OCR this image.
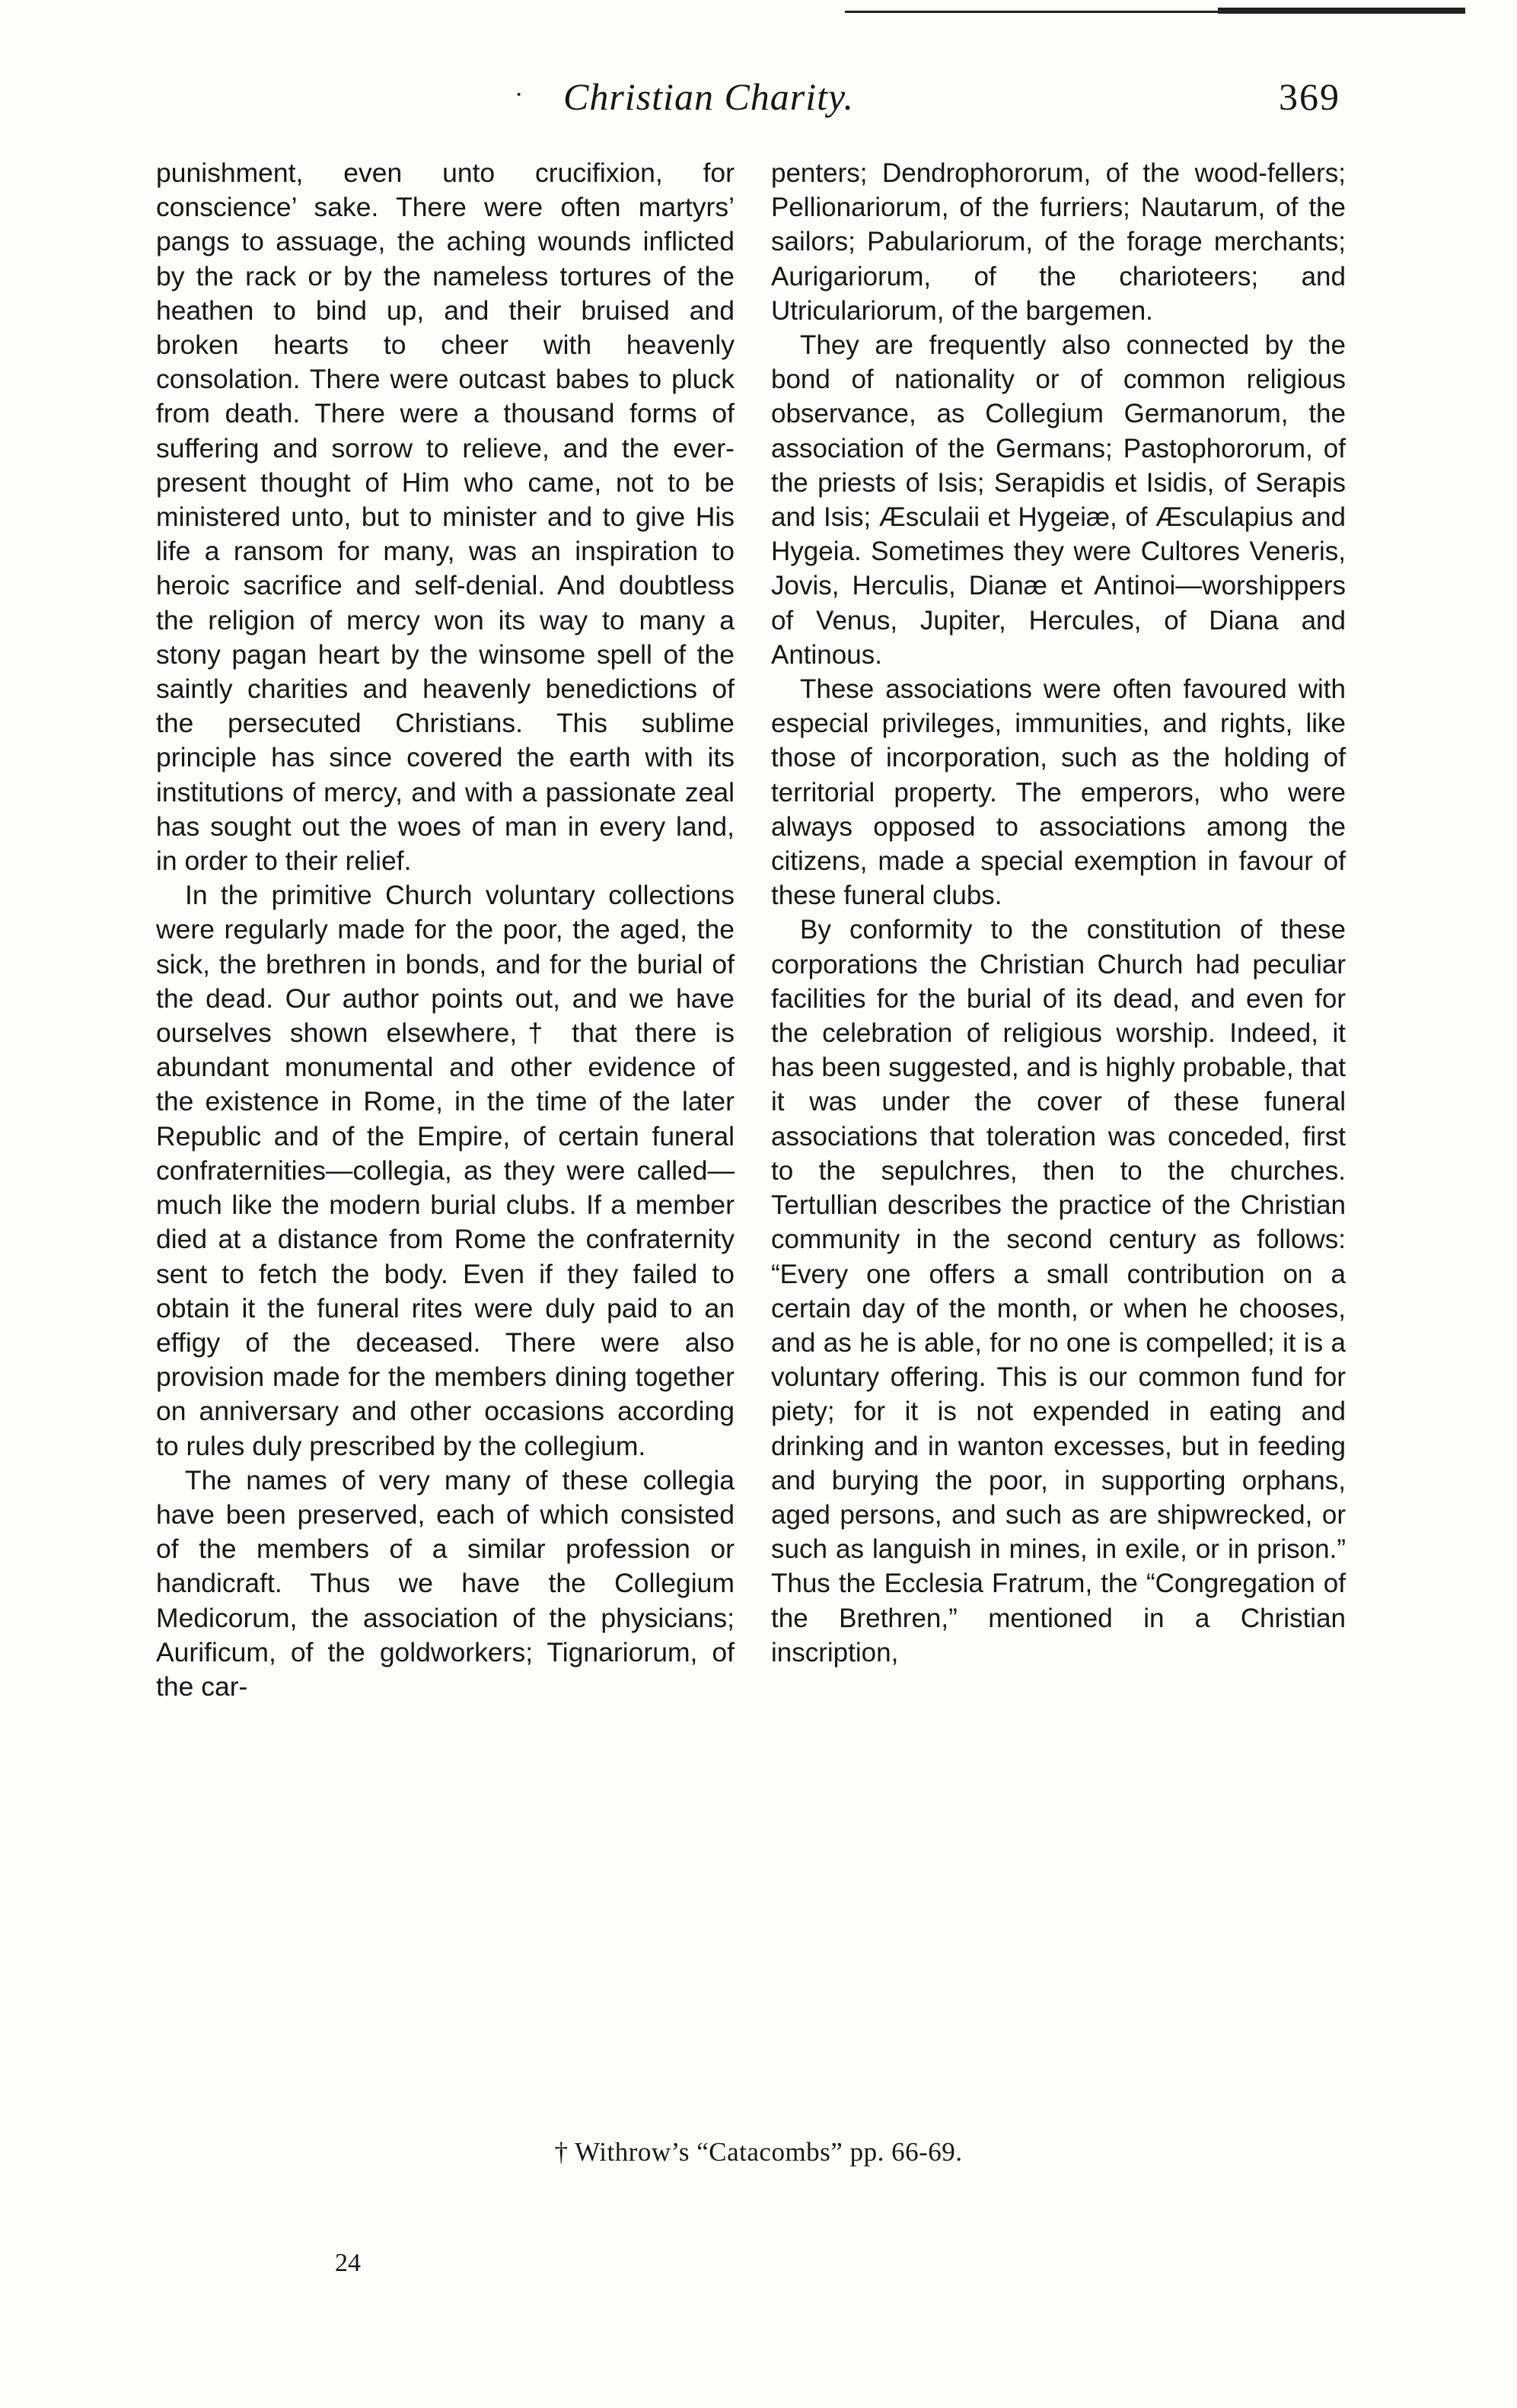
· Christian Charity.	369

punishment, even unto crucifixion, for conscience’ sake. There were often martyrs’ pangs to assuage, the aching wounds inflicted by the rack or by the nameless tortures of the heathen to bind up, and their bruised and broken hearts to cheer with heavenly consolation. There were outcast babes to pluck from death. There were a thousand forms of suffering and sorrow to relieve, and the ever-present thought of Him who came, not to be ministered unto, but to minister and to give His life a ransom for many, was an inspiration to heroic sacrifice and self-denial. And doubtless the religion of mercy won its way to many a stony pagan heart by the winsome spell of the saintly charities and heavenly benedictions of the persecuted Christians. This sublime principle has since covered the earth with its institutions of mercy, and with a passionate zeal has sought out the woes of man in every land, in order to their relief.

In the primitive Church voluntary collections were regularly made for the poor, the aged, the sick, the brethren in bonds, and for the burial of the dead. Our author points out, and we have ourselves shown elsewhere,† that there is abundant monumental and other evidence of the existence in Rome, in the time of the later Republic and of the Empire, of certain funeral confraternities—collegia, as they were called—much like the modern burial clubs. If a member died at a distance from Rome the confraternity sent to fetch the body. Even if they failed to obtain it the funeral rites were duly paid to an effigy of the deceased. There were also provision made for the members dining together on anniversary and other occasions according to rules duly prescribed by the collegium.

The names of very many of these collegia have been preserved, each of which consisted of the members of a similar profession or handicraft. Thus we have the Collegium Medicorum, the association of the physicians; Aurificum, of the goldworkers; Tignariorum, of the car-

penters; Dendrophororum, of the wood-fellers; Pellionariorum, of the furriers; Nautarum, of the sailors; Pabulariorum, of the forage merchants; Aurigariorum, of the charioteers; and Utriculariorum, of the bargemen.

They are frequently also connected by the bond of nationality or of common religious observance, as Collegium Germanorum, the association of the Germans; Pastophororum, of the priests of Isis; Serapidis et Isidis, of Serapis and Isis; Æsculaii et Hygeiæ, of Æsculapius and Hygeia. Sometimes they were Cultores Veneris, Jovis, Herculis, Dianæ et Antinoi—worshippers of Venus, Jupiter, Hercules, of Diana and Antinous.

These associations were often favoured with especial privileges, immunities, and rights, like those of incorporation, such as the holding of territorial property. The emperors, who were always opposed to associations among the citizens, made a special exemption in favour of these funeral clubs.

By conformity to the constitution of these corporations the Christian Church had peculiar facilities for the burial of its dead, and even for the celebration of religious worship. Indeed, it has been suggested, and is highly probable, that it was under the cover of these funeral associations that toleration was conceded, first to the sepulchres, then to the churches. Tertullian describes the practice of the Christian community in the second century as follows: “Every one offers a small contribution on a certain day of the month, or when he chooses, and as he is able, for no one is compelled; it is a voluntary offering. This is our common fund for piety; for it is not expended in eating and drinking and in wanton excesses, but in feeding and burying the poor, in supporting orphans, aged persons, and such as are shipwrecked, or such as languish in mines, in exile, or in prison.” Thus the Ecclesia Fratrum, the “Congregation of the Brethren,” mentioned in a Christian inscription,

† Withrow’s “Catacombs” pp. 66-69.
24
